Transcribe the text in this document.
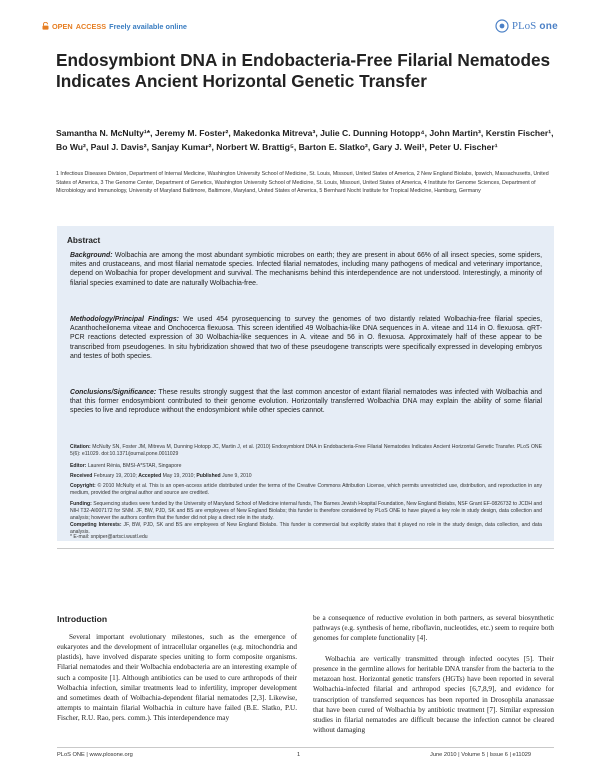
OPEN ACCESS Freely available online	PLoS one
Endosymbiont DNA in Endobacteria-Free Filarial Nematodes Indicates Ancient Horizontal Genetic Transfer
Samantha N. McNulty¹*, Jeremy M. Foster², Makedonka Mitreva³, Julie C. Dunning Hotopp⁴, John Martin³, Kerstin Fischer¹, Bo Wu², Paul J. Davis², Sanjay Kumar², Norbert W. Brattig⁵, Barton E. Slatko², Gary J. Weil¹, Peter U. Fischer¹
1 Infectious Diseases Division, Department of Internal Medicine, Washington University School of Medicine, St. Louis, Missouri, United States of America, 2 New England Biolabs, Ipswich, Massachusetts, United States of America, 3 The Genome Center, Department of Genetics, Washington University School of Medicine, St. Louis, Missouri, United States of America, 4 Institute for Genome Sciences, Department of Microbiology and Immunology, University of Maryland Baltimore, Baltimore, Maryland, United States of America, 5 Bernhard Nocht Institute for Tropical Medicine, Hamburg, Germany
Abstract
Background: Wolbachia are among the most abundant symbiotic microbes on earth; they are present in about 66% of all insect species, some spiders, mites and crustaceans, and most filarial nematode species. Infected filarial nematodes, including many pathogens of medical and veterinary importance, depend on Wolbachia for proper development and survival. The mechanisms behind this interdependence are not understood. Interestingly, a minority of filarial species examined to date are naturally Wolbachia-free.
Methodology/Principal Findings: We used 454 pyrosequencing to survey the genomes of two distantly related Wolbachia-free filarial species, Acanthocheilonema viteae and Onchocerca flexuosa. This screen identified 49 Wolbachia-like DNA sequences in A. viteae and 114 in O. flexuosa. qRT-PCR reactions detected expression of 30 Wolbachia-like sequences in A. viteae and 56 in O. flexuosa. Approximately half of these appear to be transcribed from pseudogenes. In situ hybridization showed that two of these pseudogene transcripts were specifically expressed in developing embryos and testes of both species.
Conclusions/Significance: These results strongly suggest that the last common ancestor of extant filarial nematodes was infected with Wolbachia and that this former endosymbiont contributed to their genome evolution. Horizontally transferred Wolbachia DNA may explain the ability of some filarial species to live and reproduce without the endosymbiont while other species cannot.
Citation: McNulty SN, Foster JM, Mitreva M, Dunning Hotopp JC, Martin J, et al. (2010) Endosymbiont DNA in Endobacteria-Free Filarial Nematodes Indicates Ancient Horizontal Genetic Transfer. PLoS ONE 5(6): e11029. doi:10.1371/journal.pone.0011029
Editor: Laurent Rénia, BMSI-A*STAR, Singapore
Received February 19, 2010; Accepted May 19, 2010; Published June 9, 2010
Copyright: © 2010 McNulty et al. This is an open-access article distributed under the terms of the Creative Commons Attribution License, which permits unrestricted use, distribution, and reproduction in any medium, provided the original author and source are credited.
Funding: Sequencing studies were funded by the University of Maryland School of Medicine internal funds, The Barnes Jewish Hospital Foundation, New England Biolabs, NSF Grant EF-0826732 to JCDH and NIH T32-AI007172 for SNM. JF, BW, PJD, SK and BS are employees of New England Biolabs; this funder is therefore considered by PLoS ONE to have played a key role in study design, data collection and analysis; however the authors confirm that the funder did not play a direct role in the study.
Competing Interests: JF, BW, PJD, SK and BS are employees of New England Biolabs. This funder is commercial but explicitly states that it played no role in the study design, data collection, and data analysis.
* E-mail: snpiper@artsci.wustl.edu
Introduction
Several important evolutionary milestones, such as the emergence of eukaryotes and the development of intracellular organelles (e.g. mitochondria and plastids), have involved disparate species uniting to form composite organisms. Filarial nematodes and their Wolbachia endobacteria are an interesting example of such a composite [1]. Although antibiotics can be used to cure arthropods of their Wolbachia infection, similar treatments lead to infertility, improper development and sometimes death of Wolbachia-dependent filarial nematodes [2,3]. Likewise, attempts to maintain filarial Wolbachia in culture have failed (B.E. Slatko, P.U. Fischer, R.U. Rao, pers. comm.). This interdependence may
be a consequence of reductive evolution in both partners, as several biosynthetic pathways (e.g. synthesis of heme, riboflavin, nucleotides, etc.) seem to require both genomes for complete functionality [4].
Wolbachia are vertically transmitted through infected oocytes [5]. Their presence in the germline allows for heritable DNA transfer from the bacteria to the metazoan host. Horizontal genetic transfers (HGTs) have been reported in several Wolbachia-infected filarial and arthropod species [6,7,8,9], and evidence for transcription of transferred sequences has been reported in Drosophila ananassae that have been cured of Wolbachia by antibiotic treatment [7]. Similar expression studies in filarial nematodes are difficult because the infection cannot be cleared without damaging
PLoS ONE | www.plosone.org	1	June 2010 | Volume 5 | Issue 6 | e11029
